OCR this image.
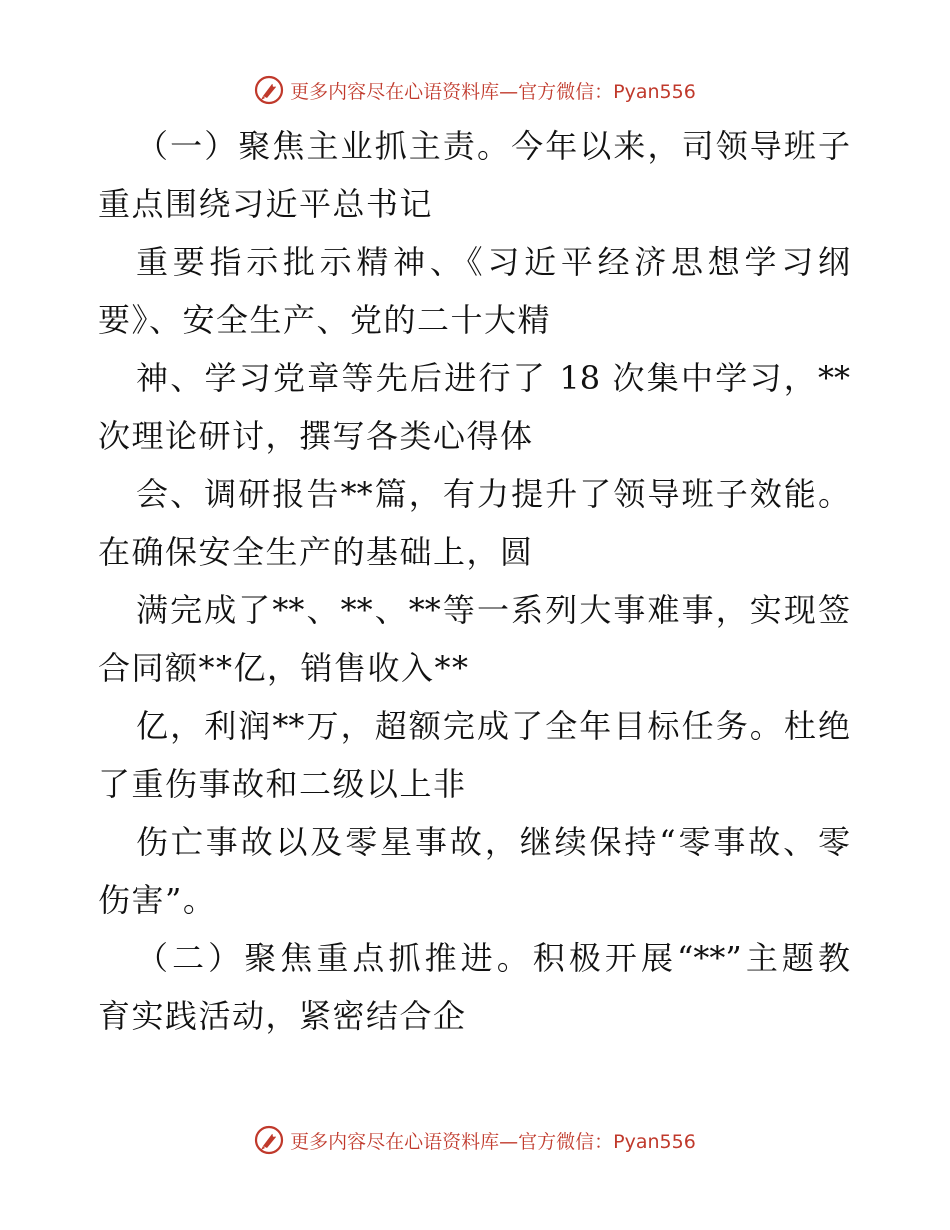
更多内容尽在心语资料库—官方微信：Pyan556
（一）聚焦主业抓主责。今年以来，司领导班子
重点围绕习近平总书记
重要指示批示精神、《习近平经济思想学习纲
要》、安全生产、党的二十大精
神、学习党章等先后进行了 18 次集中学习，**
次理论研讨，撰写各类心得体
会、调研报告**篇，有力提升了领导班子效能。
在确保安全生产的基础上，圆
满完成了**、**、**等一系列大事难事，实现签
合同额**亿，销售收入**
亿，利润**万，超额完成了全年目标任务。杜绝
了重伤事故和二级以上非
伤亡事故以及零星事故，继续保持“零事故、零
伤害”。
（二）聚焦重点抓推进。积极开展“**”主题教
育实践活动，紧密结合企
更多内容尽在心语资料库—官方微信：Pyan556
